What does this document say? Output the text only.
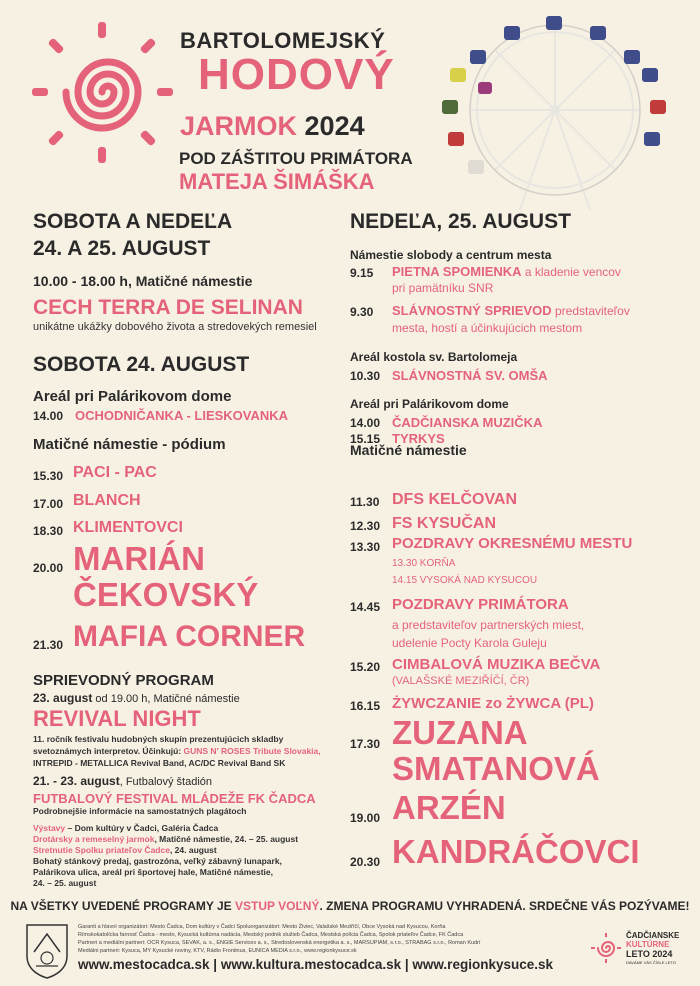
BARTOLOMEJSKÝ
HODOVÝ
JARMOK 2024
POD ZÁŠTITOU PRIMÁTORA
MATEJA ŠIMÁŠKA
SOBOTA A NEDEĽA
24. A 25. AUGUST
10.00 - 18.00 h, Matičné námestie
CECH TERRA DE SELINAN
unikátne ukážky dobového života a stredovekých remesiel
SOBOTA 24. AUGUST
Areál pri Palárikovom dome
14.00 OCHODNIČANKA - LIESKOVANKA
Matičné námestie - pódium
15.30 PACI - PAC
17.00 BLANCH
18.30 KLIMENTOVCI
20.00 MARIÁN
ČEKOVSKÝ
21.30 MAFIA CORNER
SPRIEVODNÝ PROGRAM
23. august od 19.00 h, Matičné námestie
REVIVAL NIGHT
11. ročník festivalu hudobných skupín prezentujúcich skladby
svetoznámych interpretov. Účinkujú: GUNS N' ROSES Tribute Slovakia,
INTREPID - METALLICA Revival Band, AC/DC Revival Band SK
21. - 23. august, Futbalový štadión
FUTBALOVÝ FESTIVAL MLÁDEŽE FK ČADCA
Podrobnejšie informácie na samostatných plagátoch
Výstavy – Dom kultúry v Čadci, Galéria Čadca
Drotársky a remeselný jarmok, Matičné námestie, 24. – 25. august
Stretnutie Spolku priateľov Čadce, 24. august
Bohatý stánkový predaj, gastrozóna, veľký zábavný lunapark,
Palárikova ulica, areál pri športovej hale, Matičné námestie,
24. – 25. august
NEDEĽA, 25. AUGUST
Námestie slobody a centrum mesta
9.15 PIETNA SPOMIENKA a kladenie vencov
pri pamätníku SNR
9.30 SLÁVNOSTNÝ SPRIEVOD predstaviteľov
mesta, hostí a účinkujúcich mestom
Areál kostola sv. Bartolomeja
10.30 SLÁVNOSTNÁ SV. OMŠA
Areál pri Palárikovom dome
14.00 ČADČIANSKA MUZIČKA
15.15 TYRKYS
Matičné námestie
11.30 DFS KELČOVAN
12.30 FS KYSUČAN
13.30 POZDRAVY OKRESNÉMU MESTU
13.30 KORŇA
14.15 VYSOKÁ NAD KYSUCOU
14.45 POZDRAVY PRIMÁTORA
a predstaviteľov partnerských miest,
udelenie Pocty Karola Guleju
15.20 CIMBALOVÁ MUZIKA BEČVA
(VALAŠSKÉ MEZIŘÍČÍ, ČR)
16.15 ŻYWCZANIE zo ŻYWCA (PL)
17.30 ZUZANA
SMATANOVÁ
19.00 ARZÉN
20.30 KANDRÁČOVCI
NA VŠETKY UVEDENÉ PROGRAMY JE VSTUP VOĽNÝ. ZMENA PROGRAMU VYHRADENÁ. SRDEČNE VÁS POZÝVAME!
Garanti a hlavní organizátori: Mesto Čadca, Dom kultúry v Čadci Spoluorganizátori: Mesto Živiec, Valašské Meziříčí, Obce Vysoká nad Kysucou, Korňa
Rímskokatolícka farnosť Čadca - mesto, Kysucká kultúrna nadácia, Mestský podnik služieb Čadca, Mestská polícia Čadca, Spolok priateľov Čadce, FK Čadca
Partneri a mediálni partneri: OCR Kysuca, SEVAK, a. s., ENGIE Services a. s., Stredoslovenská energetika a. s., MARSUPIAM, s.r.o., STRABAG s.r.o., Roman Kudrí
Mediálni partneri: Kysuca, MY Kysucké noviny, KTV, Rádio Frontinus, EUNICA MEDIA s.r.o., www.regionkysuce.sk
www.mestocadca.sk | www.kultura.mestocadca.sk | www.regionkysuce.sk
ČADČIANSKE
KULTÚRNE
LETO 2024
DAVÁME VÁS ČÍSLE LETO
